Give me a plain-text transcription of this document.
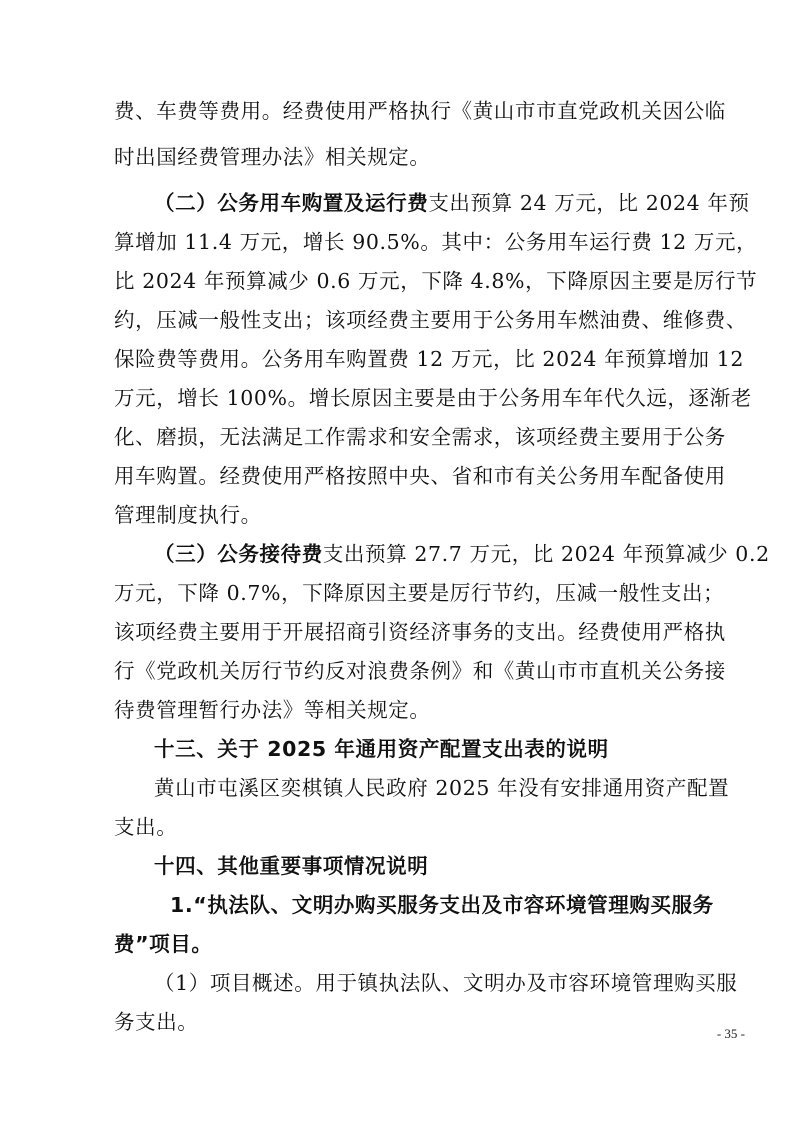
费、车费等费用。经费使用严格执行《黄山市市直党政机关因公临
时出国经费管理办法》相关规定。
（二）公务用车购置及运行费支出预算 24 万元，比 2024 年预
算增加 11.4 万元，增长 90.5%。其中：公务用车运行费 12 万元，
比 2024 年预算减少 0.6 万元，下降 4.8%，下降原因主要是厉行节
约，压减一般性支出；该项经费主要用于公务用车燃油费、维修费、
保险费等费用。公务用车购置费 12 万元，比 2024 年预算增加 12
万元，增长 100%。增长原因主要是由于公务用车年代久远，逐渐老
化、磨损，无法满足工作需求和安全需求，该项经费主要用于公务
用车购置。经费使用严格按照中央、省和市有关公务用车配备使用
管理制度执行。
（三）公务接待费支出预算 27.7 万元，比 2024 年预算减少 0.2
万元，下降 0.7%，下降原因主要是厉行节约，压减一般性支出；
该项经费主要用于开展招商引资经济事务的支出。经费使用严格执
行《党政机关厉行节约反对浪费条例》和《黄山市市直机关公务接
待费管理暂行办法》等相关规定。
十三、关于 2025 年通用资产配置支出表的说明
黄山市屯溪区奕棋镇人民政府 2025 年没有安排通用资产配置
支出。
十四、其他重要事项情况说明
1.“执法队、文明办购买服务支出及市容环境管理购买服务
费”项目。
（1）项目概述。用于镇执法队、文明办及市容环境管理购买服
务支出。	- 35 -
